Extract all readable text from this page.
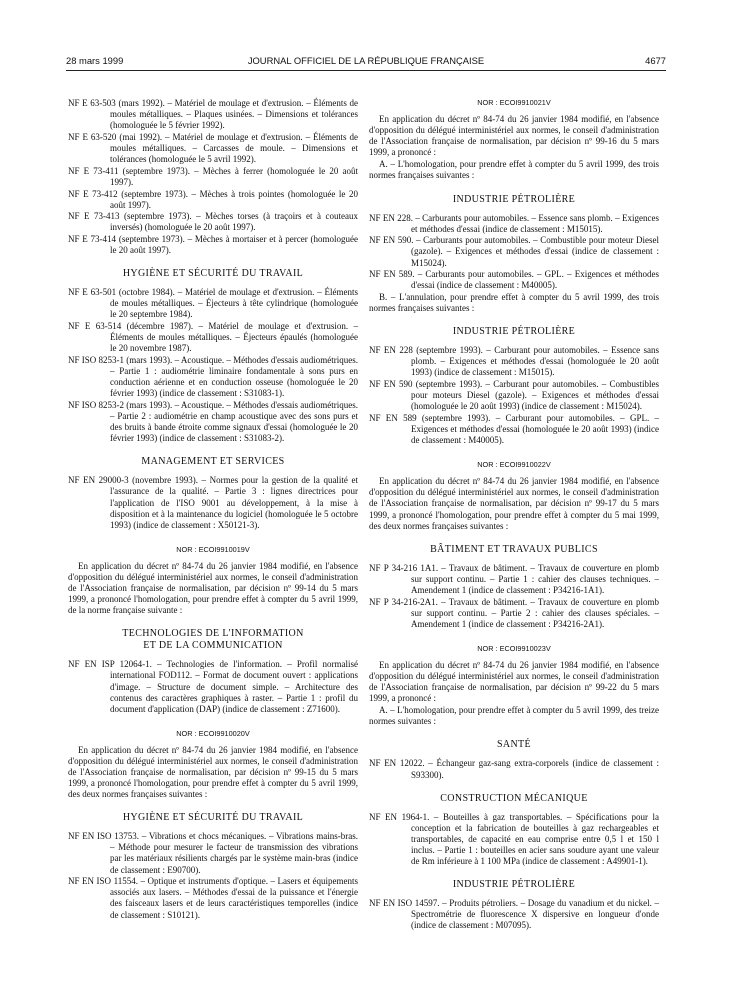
28 mars 1999	JOURNAL OFFICIEL DE LA RÉPUBLIQUE FRANÇAISE	4677
NF E 63-503 (mars 1992). – Matériel de moulage et d'extrusion. – Éléments de moules métalliques. – Plaques usinées. – Dimensions et tolérances (homologuée le 5 février 1992).
NF E 63-520 (mai 1992). – Matériel de moulage et d'extrusion. – Éléments de moules métalliques. – Carcasses de moule. – Dimensions et tolérances (homologuée le 5 avril 1992).
NF E 73-411 (septembre 1973). – Mèches à ferrer (homologuée le 20 août 1997).
NF E 73-412 (septembre 1973). – Mèches à trois pointes (homologuée le 20 août 1997).
NF E 73-413 (septembre 1973). – Mèches torses (à traçoirs et à couteaux inversés) (homologuée le 20 août 1997).
NF E 73-414 (septembre 1973). – Mèches à mortaiser et à percer (homologuée le 20 août 1997).
HYGIÈNE ET SÉCURITÉ DU TRAVAIL
NF E 63-501 (octobre 1984). – Matériel de moulage et d'extrusion. – Éléments de moules métalliques. – Éjecteurs à tête cylindrique (homologuée le 20 septembre 1984).
NF E 63-514 (décembre 1987). – Matériel de moulage et d'extrusion. – Éléments de moules métalliques. – Éjecteurs épaulés (homologuée le 20 novembre 1987).
NF ISO 8253-1 (mars 1993). – Acoustique. – Méthodes d'essais audiométriques. – Partie 1 : audiométrie liminaire fondamentale à sons purs en conduction aérienne et en conduction osseuse (homologuée le 20 février 1993) (indice de classement : S31083-1).
NF ISO 8253-2 (mars 1993). – Acoustique. – Méthodes d'essais audiométriques. – Partie 2 : audiométrie en champ acoustique avec des sons purs et des bruits à bande étroite comme signaux d'essai (homologuée le 20 février 1993) (indice de classement : S31083-2).
MANAGEMENT ET SERVICES
NF EN 29000-3 (novembre 1993). – Normes pour la gestion de la qualité et l'assurance de la qualité. – Partie 3 : lignes directrices pour l'application de l'ISO 9001 au développement, à la mise à disposition et à la maintenance du logiciel (homologuée le 5 octobre 1993) (indice de classement : X50121-3).
NOR : ECOI9910019V
En application du décret nº 84-74 du 26 janvier 1984 modifié, en l'absence d'opposition du délégué interministériel aux normes, le conseil d'administration de l'Association française de normalisation, par décision nº 99-14 du 5 mars 1999, a prononcé l'homologation, pour prendre effet à compter du 5 avril 1999, de la norme française suivante :
TECHNOLOGIES DE L'INFORMATION
ET DE LA COMMUNICATION
NF EN ISP 12064-1. – Technologies de l'information. – Profil normalisé international FOD112. – Format de document ouvert : applications d'image. – Structure de document simple. – Architecture des contenus des caractères graphiques à raster. – Partie 1 : profil du document d'application (DAP) (indice de classement : Z71600).
NOR : ECOI9910020V
En application du décret nº 84-74 du 26 janvier 1984 modifié, en l'absence d'opposition du délégué interministériel aux normes, le conseil d'administration de l'Association française de normalisation, par décision nº 99-15 du 5 mars 1999, a prononcé l'homologation, pour prendre effet à compter du 5 avril 1999, des deux normes françaises suivantes :
HYGIÈNE ET SÉCURITÉ DU TRAVAIL
NF EN ISO 13753. – Vibrations et chocs mécaniques. – Vibrations mains-bras. – Méthode pour mesurer le facteur de transmission des vibrations par les matériaux résilients chargés par le système main-bras (indice de classement : E90700).
NF EN ISO 11554. – Optique et instruments d'optique. – Lasers et équipements associés aux lasers. – Méthodes d'essai de la puissance et l'énergie des faisceaux lasers et de leurs caractéristiques temporelles (indice de classement : S10121).
NOR : ECOI9910021V
En application du décret nº 84-74 du 26 janvier 1984 modifié, en l'absence d'opposition du délégué interministériel aux normes, le conseil d'administration de l'Association française de normalisation, par décision nº 99-16 du 5 mars 1999, a prononcé :
A. – L'homologation, pour prendre effet à compter du 5 avril 1999, des trois normes françaises suivantes :
INDUSTRIE PÉTROLIÈRE
NF EN 228. – Carburants pour automobiles. – Essence sans plomb. – Exigences et méthodes d'essai (indice de classement : M15015).
NF EN 590. – Carburants pour automobiles. – Combustible pour moteur Diesel (gazole). – Exigences et méthodes d'essai (indice de classement : M15024).
NF EN 589. – Carburants pour automobiles. – GPL. – Exigences et méthodes d'essai (indice de classement : M40005).
B. – L'annulation, pour prendre effet à compter du 5 avril 1999, des trois normes françaises suivantes :
INDUSTRIE PÉTROLIÈRE
NF EN 228 (septembre 1993). – Carburant pour automobiles. – Essence sans plomb. – Exigences et méthodes d'essai (homologuée le 20 août 1993) (indice de classement : M15015).
NF EN 590 (septembre 1993). – Carburant pour automobiles. – Combustibles pour moteurs Diesel (gazole). – Exigences et méthodes d'essai (homologuée le 20 août 1993) (indice de classement : M15024).
NF EN 589 (septembre 1993). – Carburant pour automobiles. – GPL. – Exigences et méthodes d'essai (homologuée le 20 août 1993) (indice de classement : M40005).
NOR : ECOI9910022V
En application du décret nº 84-74 du 26 janvier 1984 modifié, en l'absence d'opposition du délégué interministériel aux normes, le conseil d'administration de l'Association française de normalisation, par décision nº 99-17 du 5 mars 1999, a prononcé l'homologation, pour prendre effet à compter du 5 mai 1999, des deux normes françaises suivantes :
BÂTIMENT ET TRAVAUX PUBLICS
NF P 34-216 1A1. – Travaux de bâtiment. – Travaux de couverture en plomb sur support continu. – Partie 1 : cahier des clauses techniques. – Amendement 1 (indice de classement : P34216-1A1).
NF P 34-216-2A1. – Travaux de bâtiment. – Travaux de couverture en plomb sur support continu. – Partie 2 : cahier des clauses spéciales. – Amendement 1 (indice de classement : P34216-2A1).
NOR : ECOI9910023V
En application du décret nº 84-74 du 26 janvier 1984 modifié, en l'absence d'opposition du délégué interministériel aux normes, le conseil d'administration de l'Association française de normalisation, par décision nº 99-22 du 5 mars 1999, a prononcé :
A. – L'homologation, pour prendre effet à compter du 5 avril 1999, des treize normes suivantes :
SANTÉ
NF EN 12022. – Échangeur gaz-sang extra-corporels (indice de classement : S93300).
CONSTRUCTION MÉCANIQUE
NF EN 1964-1. – Bouteilles à gaz transportables. – Spécifications pour la conception et la fabrication de bouteilles à gaz rechargeables et transportables, de capacité en eau comprise entre 0,5 l et 150 l inclus. – Partie 1 : bouteilles en acier sans soudure ayant une valeur de Rm inférieure à 1 100 MPa (indice de classement : A49901-1).
INDUSTRIE PÉTROLIÈRE
NF EN ISO 14597. – Produits pétroliers. – Dosage du vanadium et du nickel. – Spectrométrie de fluorescence X dispersive en longueur d'onde (indice de classement : M07095).
